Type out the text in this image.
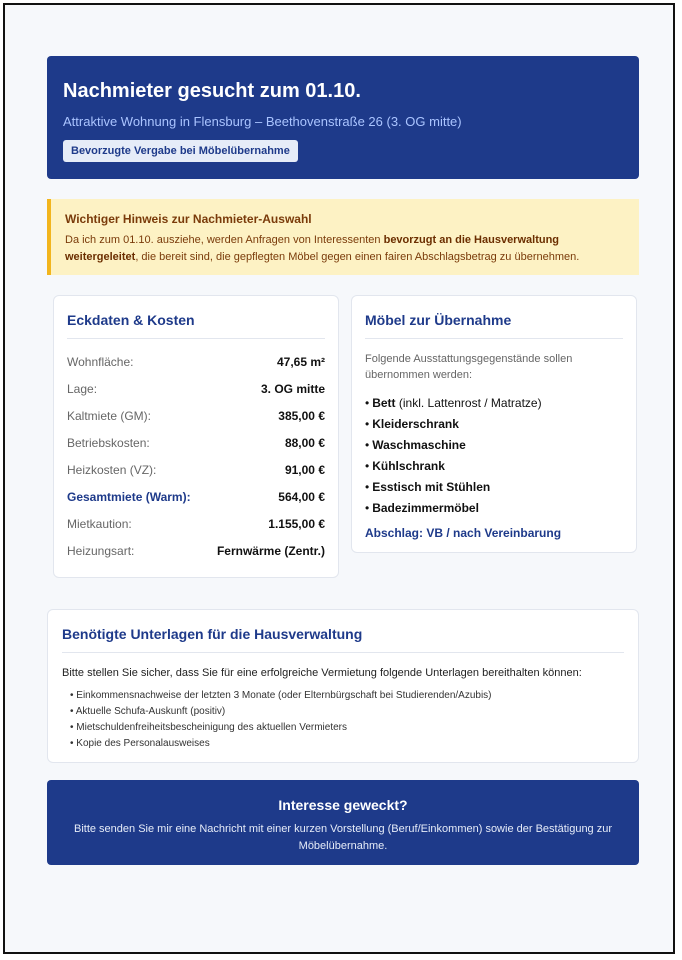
Nachmieter gesucht zum 01.10.
Attraktive Wohnung in Flensburg – Beethovenstraße 26 (3. OG mitte)
Bevorzugte Vergabe bei Möbelübernahme
Wichtiger Hinweis zur Nachmieter-Auswahl
Da ich zum 01.10. ausziehe, werden Anfragen von Interessenten bevorzugt an die Hausverwaltung weitergeleitet, die bereit sind, die gepflegten Möbel gegen einen fairen Abschlagsbetrag zu übernehmen.
Eckdaten & Kosten
Wohnfläche:	47,65 m²
Lage:	3. OG mitte
Kaltmiete (GM):	385,00 €
Betriebskosten:	88,00 €
Heizkosten (VZ):	91,00 €
Gesamtmiete (Warm):	564,00 €
Mietkaution:	1.155,00 €
Heizungsart:	Fernwärme (Zentr.)
Möbel zur Übernahme
Folgende Ausstattungsgegenstände sollen übernommen werden:
• Bett (inkl. Lattenrost / Matratze)
• Kleiderschrank
• Waschmaschine
• Kühlschrank
• Esstisch mit Stühlen
• Badezimmermöbel
Abschlag: VB / nach Vereinbarung
Benötigte Unterlagen für die Hausverwaltung
Bitte stellen Sie sicher, dass Sie für eine erfolgreiche Vermietung folgende Unterlagen bereithalten können:
• Einkommensnachweise der letzten 3 Monate (oder Elternbürgschaft bei Studierenden/Azubis)
• Aktuelle Schufa-Auskunft (positiv)
• Mietschuldenfreiheitsbescheinigung des aktuellen Vermieters
• Kopie des Personalausweises
Interesse geweckt?
Bitte senden Sie mir eine Nachricht mit einer kurzen Vorstellung (Beruf/Einkommen) sowie der Bestätigung zur Möbelübernahme.
